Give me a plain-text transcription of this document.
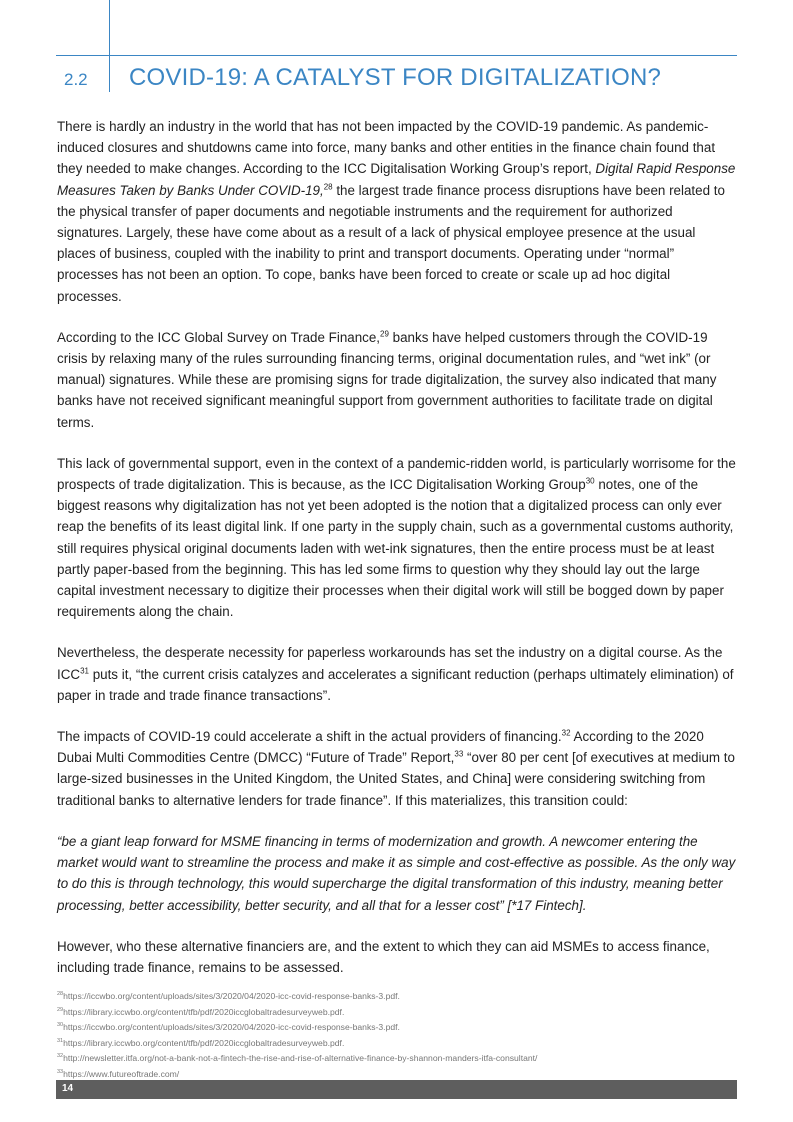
2.2 COVID-19: A CATALYST FOR DIGITALIZATION?

There is hardly an industry in the world that has not been impacted by the COVID-19 pandemic. As pandemic-induced closures and shutdowns came into force, many banks and other entities in the finance chain found that they needed to make changes. According to the ICC Digitalisation Working Group’s report, Digital Rapid Response Measures Taken by Banks Under COVID-19,28 the largest trade finance process disruptions have been related to the physical transfer of paper documents and negotiable instruments and the requirement for authorized signatures. Largely, these have come about as a result of a lack of physical employee presence at the usual places of business, coupled with the inability to print and transport documents. Operating under “normal” processes has not been an option. To cope, banks have been forced to create or scale up ad hoc digital processes.

According to the ICC Global Survey on Trade Finance,$^{29}$ banks have helped customers through the COVID-19 crisis by relaxing many of the rules surrounding financing terms, original documentation rules, and “wet ink” (or manual) signatures. While these are promising signs for trade digitalization, the survey also indicated that many banks have not received significant meaningful support from government authorities to facilitate trade on digital terms.

This lack of governmental support, even in the context of a pandemic-ridden world, is particularly worrisome for the prospects of trade digitalization. This is because, as the ICC Digitalisation Working Group$^{30}$ notes, one of the biggest reasons why digitalization has not yet been adopted is the notion that a digitalized process can only ever reap the benefits of its least digital link. If one party in the supply chain, such as a governmental customs authority, still requires physical original documents laden with wet-ink signatures, then the entire process must be at least partly paper-based from the beginning. This has led some firms to question why they should lay out the large capital investment necessary to digitize their processes when their digital work will still be bogged down by paper requirements along the chain.

Nevertheless, the desperate necessity for paperless workarounds has set the industry on a digital course. As the ICC$^{31}$ puts it, “the current crisis catalyzes and accelerates a significant reduction (perhaps ultimately elimination) of paper in trade and trade finance transactions”.

The impacts of COVID-19 could accelerate a shift in the actual providers of financing.$^{32}$ According to the 2020 Dubai Multi Commodities Centre (DMCC) “Future of Trade” Report,$^{33}$ “over 80 per cent [of executives at medium to large-sized businesses in the United Kingdom, the United States, and China] were considering switching from traditional banks to alternative lenders for trade finance”. If this materializes, this transition could:

“be a giant leap forward for MSME financing in terms of modernization and growth. A newcomer entering the market would want to streamline the process and make it as simple and cost-effective as possible. As the only way to do this is through technology, this would supercharge the digital transformation of this industry, meaning better processing, better accessibility, better security, and all that for a lesser cost” [*17 Fintech].

However, who these alternative financiers are, and the extent to which they can aid MSMEs to access finance, including trade finance, remains to be assessed.

$^{28}$https://iccwbo.org/content/uploads/sites/3/2020/04/2020-icc-covid-response-banks-3.pdf.
$^{29}$https://library.iccwbo.org/content/tfb/pdf/2020iccglobaltradesurveyweb.pdf.
$^{30}$https://iccwbo.org/content/uploads/sites/3/2020/04/2020-icc-covid-response-banks-3.pdf.
$^{31}$https://library.iccwbo.org/content/tfb/pdf/2020iccglobaltradesurveyweb.pdf.
$^{32}$http://newsletter.itfa.org/not-a-bank-not-a-fintech-the-rise-and-rise-of-alternative-finance-by-shannon-manders-itfa-consultant/
$^{33}$https://www.futureoftrade.com/
14
